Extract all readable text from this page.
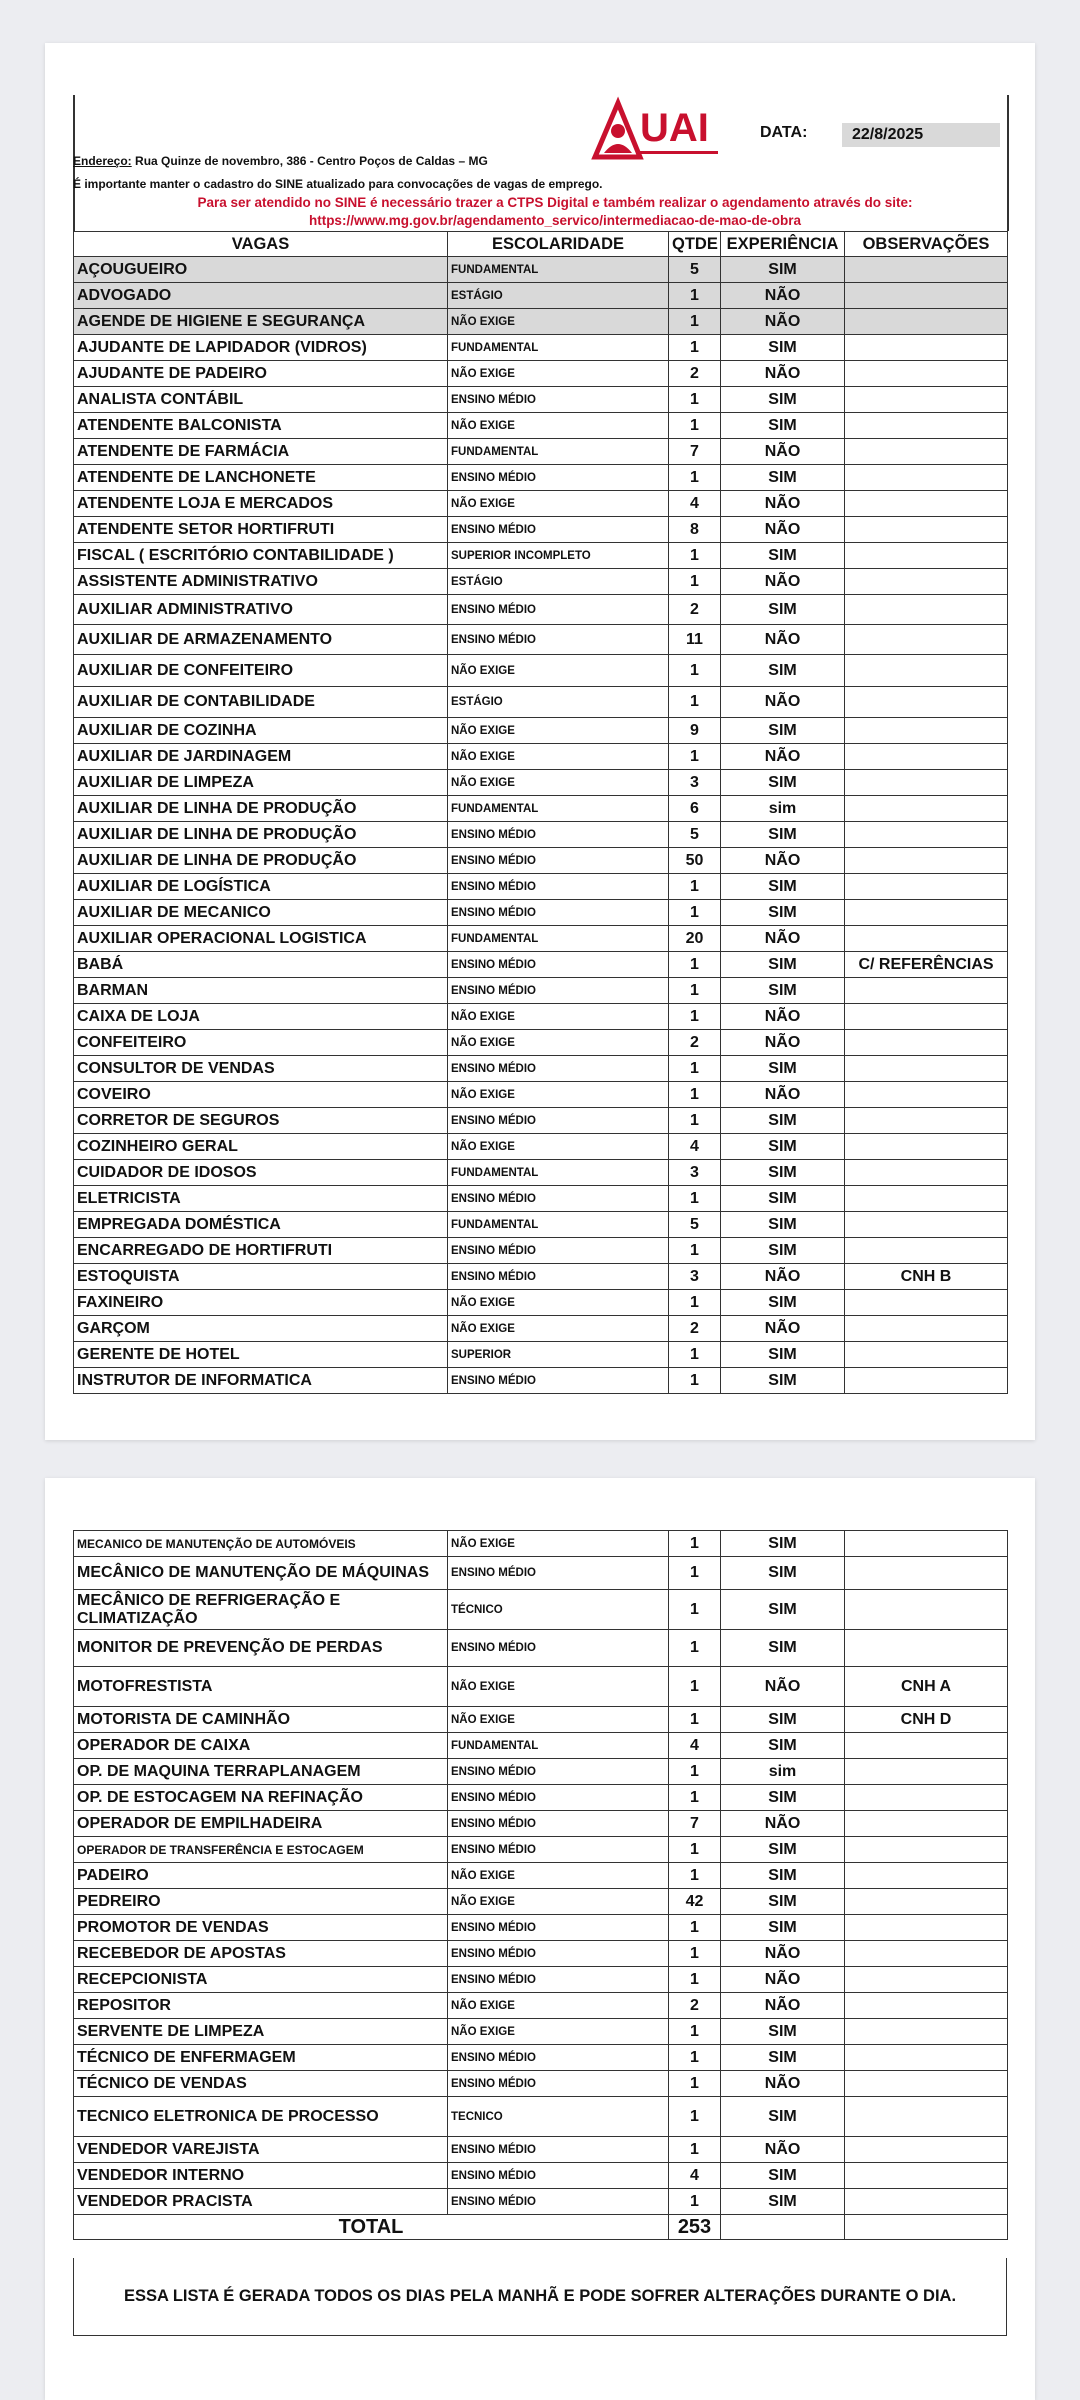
UAI	DATA:	22/8/2025
Endereço: Rua Quinze de novembro, 386 - Centro Poços de Caldas – MG
É importante manter o cadastro do SINE atualizado para convocações de vagas de emprego.
Para ser atendido no SINE é necessário trazer a CTPS Digital e também realizar o agendamento através do site:
https://www.mg.gov.br/agendamento_servico/intermediacao-de-mao-de-obra
VAGAS	ESCOLARIDADE	QTDE	EXPERIÊNCIA	OBSERVAÇÕES
AÇOUGUEIRO	FUNDAMENTAL	5	SIM	
ADVOGADO	ESTÁGIO	1	NÃO	
AGENDE DE HIGIENE E SEGURANÇA	NÃO EXIGE	1	NÃO	
AJUDANTE DE LAPIDADOR (VIDROS)	FUNDAMENTAL	1	SIM	
AJUDANTE DE PADEIRO	NÃO EXIGE	2	NÃO	
ANALISTA CONTÁBIL	ENSINO MÉDIO	1	SIM	
ATENDENTE BALCONISTA	NÃO EXIGE	1	SIM	
ATENDENTE DE FARMÁCIA	FUNDAMENTAL	7	NÃO	
ATENDENTE DE LANCHONETE	ENSINO MÉDIO	1	SIM	
ATENDENTE LOJA E MERCADOS	NÃO EXIGE	4	NÃO	
ATENDENTE SETOR HORTIFRUTI	ENSINO MÉDIO	8	NÃO	
FISCAL ( ESCRITÓRIO CONTABILIDADE )	SUPERIOR INCOMPLETO	1	SIM	
ASSISTENTE ADMINISTRATIVO	ESTÁGIO	1	NÃO	
AUXILIAR ADMINISTRATIVO	ENSINO MÉDIO	2	SIM	
AUXILIAR DE ARMAZENAMENTO	ENSINO MÉDIO	11	NÃO	
AUXILIAR DE CONFEITEIRO	NÃO EXIGE	1	SIM	
AUXILIAR DE CONTABILIDADE	ESTÁGIO	1	NÃO	
AUXILIAR DE COZINHA	NÃO EXIGE	9	SIM	
AUXILIAR DE JARDINAGEM	NÃO EXIGE	1	NÃO	
AUXILIAR DE LIMPEZA	NÃO EXIGE	3	SIM	
AUXILIAR DE LINHA DE PRODUÇÃO	FUNDAMENTAL	6	sim	
AUXILIAR DE LINHA DE PRODUÇÃO	ENSINO MÉDIO	5	SIM	
AUXILIAR DE LINHA DE PRODUÇÃO	ENSINO MÉDIO	50	NÃO	
AUXILIAR DE LOGÍSTICA	ENSINO MÉDIO	1	SIM	
AUXILIAR DE MECANICO	ENSINO MÉDIO	1	SIM	
AUXILIAR OPERACIONAL LOGISTICA	FUNDAMENTAL	20	NÃO	
BABÁ	ENSINO MÉDIO	1	SIM	C/ REFERÊNCIAS
BARMAN	ENSINO MÉDIO	1	SIM	
CAIXA DE LOJA	NÃO EXIGE	1	NÃO	
CONFEITEIRO	NÃO EXIGE	2	NÃO	
CONSULTOR DE VENDAS	ENSINO MÉDIO	1	SIM	
COVEIRO	NÃO EXIGE	1	NÃO	
CORRETOR DE SEGUROS	ENSINO MÉDIO	1	SIM	
COZINHEIRO GERAL	NÃO EXIGE	4	SIM	
CUIDADOR DE IDOSOS	FUNDAMENTAL	3	SIM	
ELETRICISTA	ENSINO MÉDIO	1	SIM	
EMPREGADA DOMÉSTICA	FUNDAMENTAL	5	SIM	
ENCARREGADO DE HORTIFRUTI	ENSINO MÉDIO	1	SIM	
ESTOQUISTA	ENSINO MÉDIO	3	NÃO	CNH B
FAXINEIRO	NÃO EXIGE	1	SIM	
GARÇOM	NÃO EXIGE	2	NÃO	
GERENTE DE HOTEL	SUPERIOR	1	SIM	
INSTRUTOR DE INFORMATICA	ENSINO MÉDIO	1	SIM	
MECANICO DE MANUTENÇÃO DE AUTOMÓVEIS	NÃO EXIGE	1	SIM	
MECÂNICO DE MANUTENÇÃO DE MÁQUINAS	ENSINO MÉDIO	1	SIM	
MECÂNICO DE REFRIGERAÇÃO E CLIMATIZAÇÃO	TÉCNICO	1	SIM	
MONITOR DE PREVENÇÃO DE PERDAS	ENSINO MÉDIO	1	SIM	
MOTOFRESTISTA	NÃO EXIGE	1	NÃO	CNH A
MOTORISTA DE CAMINHÃO	NÃO EXIGE	1	SIM	CNH D
OPERADOR DE CAIXA	FUNDAMENTAL	4	SIM	
OP. DE MAQUINA TERRAPLANAGEM	ENSINO MÉDIO	1	sim	
OP. DE ESTOCAGEM NA REFINAÇÃO	ENSINO MÉDIO	1	SIM	
OPERADOR DE EMPILHADEIRA	ENSINO MÉDIO	7	NÃO	
OPERADOR DE TRANSFERÊNCIA E ESTOCAGEM	ENSINO MÉDIO	1	SIM	
PADEIRO	NÃO EXIGE	1	SIM	
PEDREIRO	NÃO EXIGE	42	SIM	
PROMOTOR DE VENDAS	ENSINO MÉDIO	1	SIM	
RECEBEDOR DE APOSTAS	ENSINO MÉDIO	1	NÃO	
RECEPCIONISTA	ENSINO MÉDIO	1	NÃO	
REPOSITOR	NÃO EXIGE	2	NÃO	
SERVENTE DE LIMPEZA	NÃO EXIGE	1	SIM	
TÉCNICO DE ENFERMAGEM	ENSINO MÉDIO	1	SIM	
TÉCNICO DE VENDAS	ENSINO MÉDIO	1	NÃO	
TECNICO ELETRONICA DE PROCESSO	TECNICO	1	SIM	
VENDEDOR VAREJISTA	ENSINO MÉDIO	1	NÃO	
VENDEDOR INTERNO	ENSINO MÉDIO	4	SIM	
VENDEDOR PRACISTA	ENSINO MÉDIO	1	SIM	
TOTAL		253		
ESSA LISTA É GERADA TODOS OS DIAS PELA MANHÃ E PODE SOFRER ALTERAÇÕES DURANTE O DIA.
